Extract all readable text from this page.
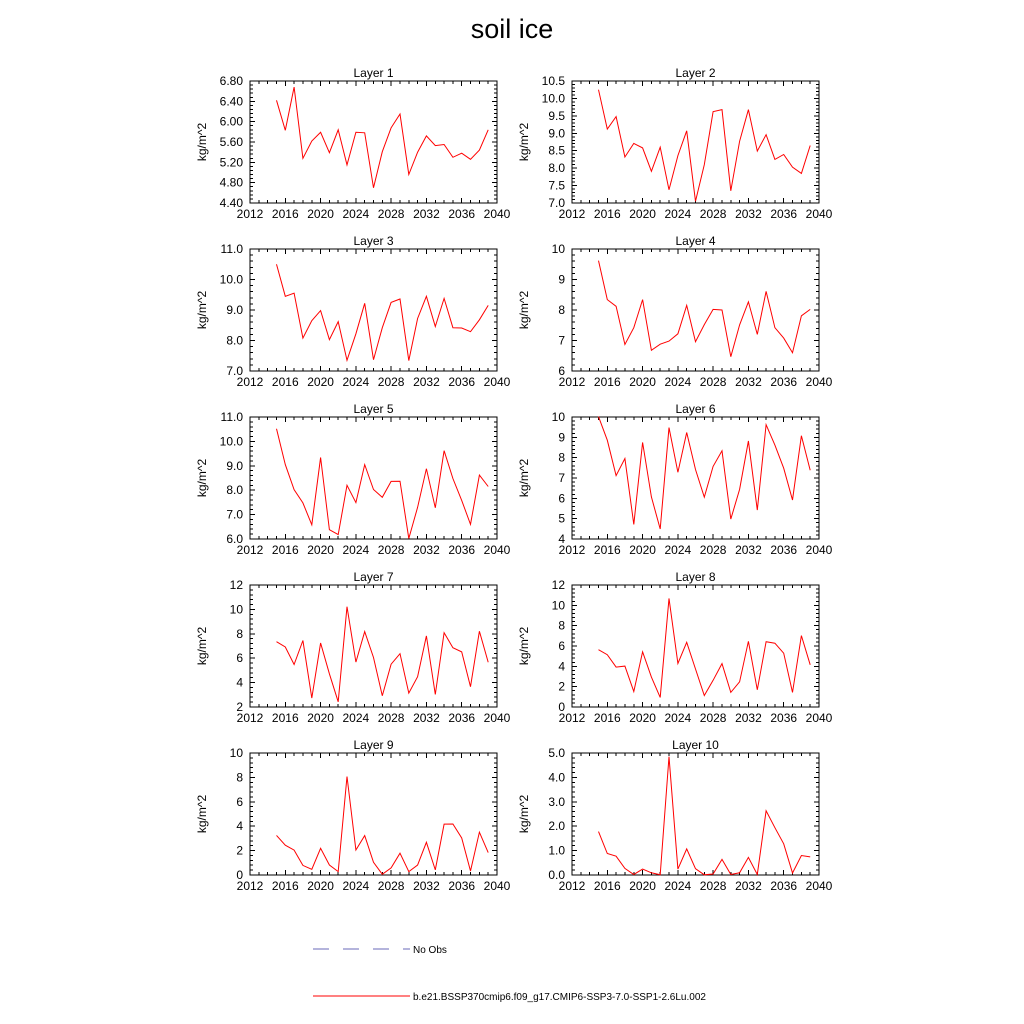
soil ice
Layer 1
kg/m^2
2012 2016 2020 2024 2028 2032 2036 2040
4.40
4.80
5.20
5.60
6.00
6.40
6.80
Layer 2
kg/m^2
2012 2016 2020 2024 2028 2032 2036 2040
7.0
7.5
8.0
8.5
9.0
9.5
10.0
10.5
Layer 3
kg/m^2
2012 2016 2020 2024 2028 2032 2036 2040
7.0
8.0
9.0
10.0
11.0
Layer 4
kg/m^2
2012 2016 2020 2024 2028 2032 2036 2040
6
7
8
9
10
Layer 5
kg/m^2
2012 2016 2020 2024 2028 2032 2036 2040
6.0
7.0
8.0
9.0
10.0
11.0
Layer 6
kg/m^2
2012 2016 2020 2024 2028 2032 2036 2040
4
5
6
7
8
9
10
Layer 7
kg/m^2
2012 2016 2020 2024 2028 2032 2036 2040
2
4
6
8
10
12
Layer 8
kg/m^2
2012 2016 2020 2024 2028 2032 2036 2040
0
2
4
6
8
10
12
Layer 9
kg/m^2
2012 2016 2020 2024 2028 2032 2036 2040
0
2
4
6
8
10
Layer 10
kg/m^2
2012 2016 2020 2024 2028 2032 2036 2040
0.0
1.0
2.0
3.0
4.0
5.0
No Obs
b.e21.BSSP370cmip6.f09_g17.CMIP6-SSP3-7.0-SSP1-2.6Lu.002
